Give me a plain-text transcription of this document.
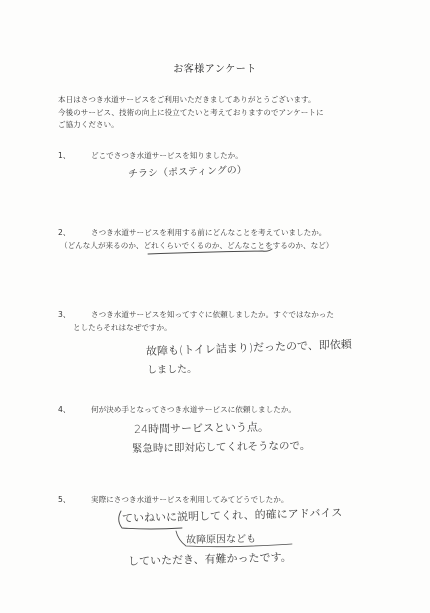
お客様アンケート
本日はさつき水道サービスをご利用いただきましてありがとうございます。
今後のサービス、技術の向上に役立てたいと考えておりますのでアンケートに
ご協力ください。
1、	どこでさつき水道サービスを知りましたか。
チラシ（ポスティングの）
2、	さつき水道サービスを利用する前にどんなことを考えていましたか。
（どんな人が来るのか、どれくらいでくるのか、どんなことをするのか、など）
3、	さつき水道サービスを知ってすぐに依頼しましたか。すぐではなかった
としたらそれはなぜですか。
故障も(トイレ詰まり)だったので、即依頼
しました。
4、	何が決め手となってさつき水道サービスに依頼しましたか。
24時間サービスという点。
緊急時に即対応してくれそうなので。
5、	実際にさつき水道サービスを利用してみてどうでしたか。
ていねいに説明してくれ、的確にアドバイス
故障原因なども
していただき、有難かったです。
